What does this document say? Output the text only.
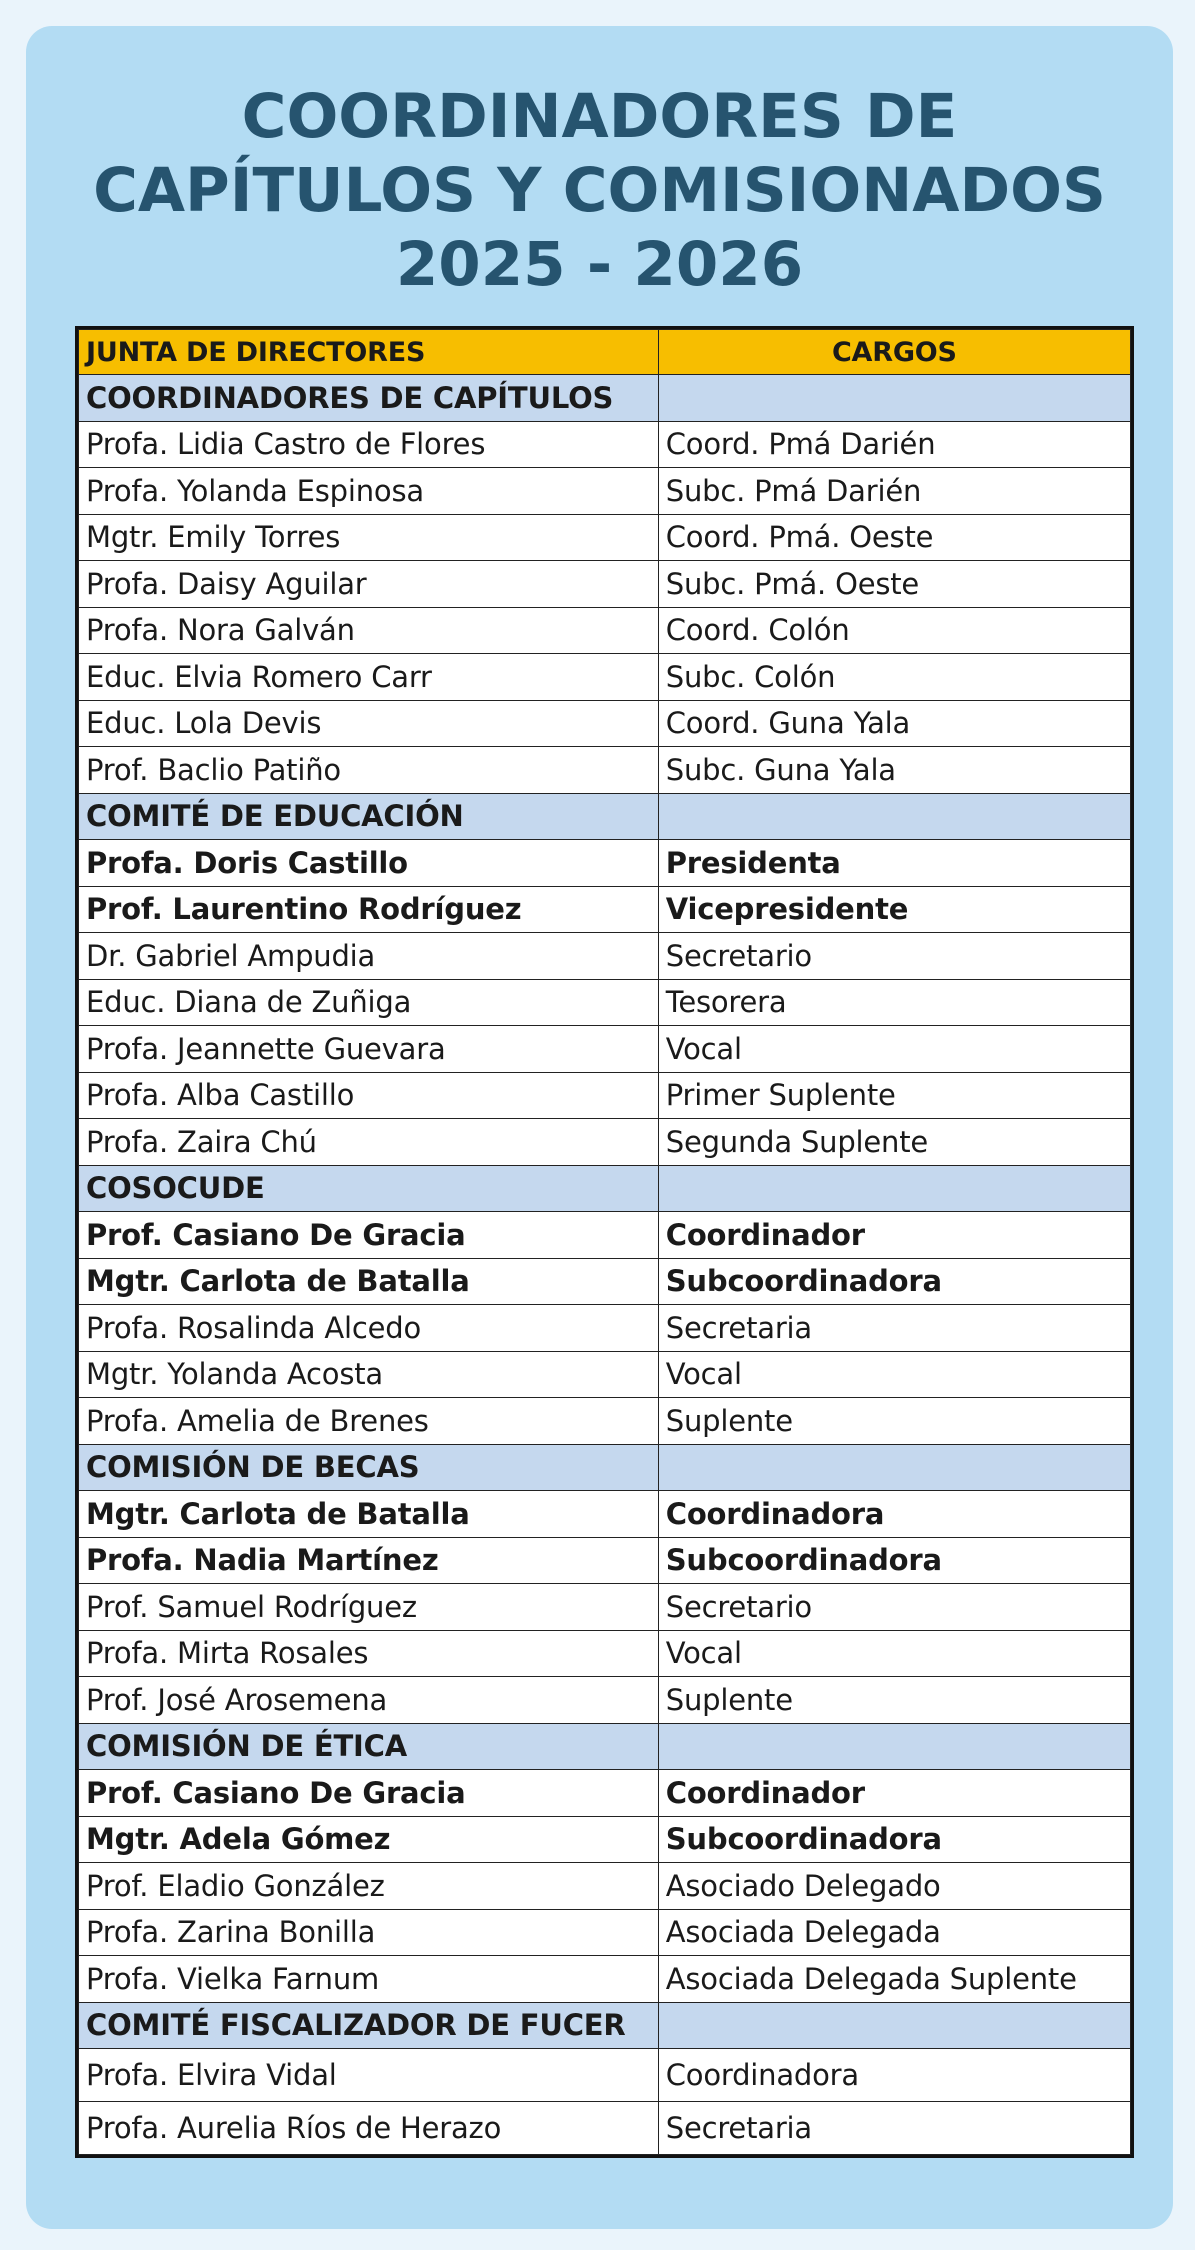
COORDINADORES DE
CAPÍTULOS Y COMISIONADOS
2025 - 2026
JUNTA DE DIRECTORES	CARGOS
COORDINADORES DE CAPÍTULOS	
Profa. Lidia Castro de Flores	Coord. Pmá Darién
Profa. Yolanda Espinosa	Subc. Pmá Darién
Mgtr. Emily Torres	Coord. Pmá. Oeste
Profa. Daisy Aguilar	Subc. Pmá. Oeste
Profa. Nora Galván	Coord. Colón
Educ. Elvia Romero Carr	Subc. Colón
Educ. Lola Devis	Coord. Guna Yala
Prof. Baclio Patiño	Subc. Guna Yala
COMITÉ DE EDUCACIÓN	
Profa. Doris Castillo	Presidenta
Prof. Laurentino Rodríguez	Vicepresidente
Dr. Gabriel Ampudia	Secretario
Educ. Diana de Zuñiga	Tesorera
Profa. Jeannette Guevara	Vocal
Profa. Alba Castillo	Primer Suplente
Profa. Zaira Chú	Segunda Suplente
COSOCUDE	
Prof. Casiano De Gracia	Coordinador
Mgtr. Carlota de Batalla	Subcoordinadora
Profa. Rosalinda Alcedo	Secretaria
Mgtr. Yolanda Acosta	Vocal
Profa. Amelia de Brenes	Suplente
COMISIÓN DE BECAS	
Mgtr. Carlota de Batalla	Coordinadora
Profa. Nadia Martínez	Subcoordinadora
Prof. Samuel Rodríguez	Secretario
Profa. Mirta Rosales	Vocal
Prof. José Arosemena	Suplente
COMISIÓN DE ÉTICA	
Prof. Casiano De Gracia	Coordinador
Mgtr. Adela Gómez	Subcoordinadora
Prof. Eladio González	Asociado Delegado
Profa. Zarina Bonilla	Asociada Delegada
Profa. Vielka Farnum	Asociada Delegada Suplente
COMITÉ FISCALIZADOR DE FUCER	
Profa. Elvira Vidal	Coordinadora
Profa. Aurelia Ríos de Herazo	Secretaria
